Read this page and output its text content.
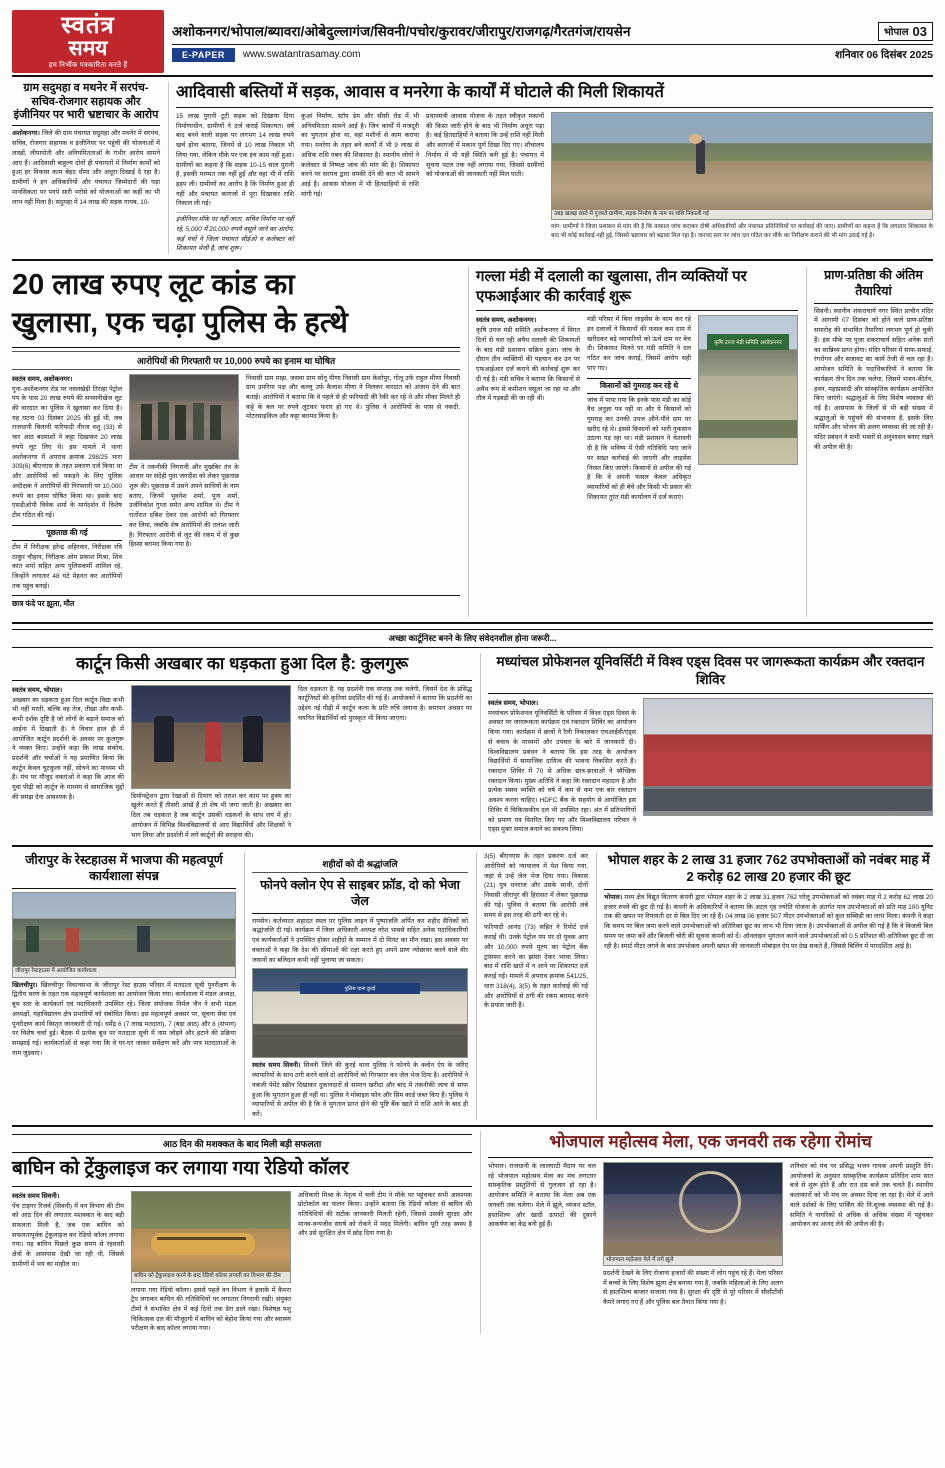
स्वतंत्र
समय
हम निर्भीक पत्रकारिता करते हैं
अशोकनगर/भोपाल/ब्यावरा/ओबेदुल्लागंज/सिवनी/पचोर/कुरावर/जीरापुर/राजगढ़/गैरतगंज/रायसेन	भोपाल 03
E-PAPER	www.swatantrasamay.com	शनिवार 06 दिसंबर 2025
ग्राम सदुमहा व मथनेर में सरपंच-सचिव-रोजगार सहायक और इंजीनियर पर भारी भ्रष्टाचार के आरोप
अशोकनगर। जिले की ग्राम पंचायत सदुमहा और मथनेर में सरपंच, सचिव, रोजगार सहायक व इंजीनियर पर पहुंची की योजनाओं में लाखों, लीपापोती और अनियमितताओं के गंभीर आरोप सामने आए हैं। आदिवासी बाहुल्य दोनों ही पंचायतों में निर्माण कार्यों को हुआ हर विकास काम बेहद धीमा और अधूरा दिखाई दे रहा है। ग्रामीणों ने इन अधिकारियों और पंचायत जिम्मेदारों की घड़ा मानसिकता पर पनपे सारी भरोसे को योजनाओं का कहीं का भी लाभ नहीं मिला है। सदुमहा में 14 लाख की सड़क गायब, 10-
आदिवासी बस्तियों में सड़क, आवास व मनरेगा के कार्यों में घोटाले की मिली शिकायतें
15 लाख पुरानी टूटी सड़क को दिखाया दिया निर्माणाधीन, ग्रामीणों ने दर्ज कराई शिकायत। वर्ष बाद बनने वाली सड़क पर लगभग 14 लाख रुपये खर्च होना बताया, जिनमें से 10 लाख निकाल भी लिया गया, लेकिन मौके पर एक इंच काम नहीं हुआ। ग्रामीणों का कहना है कि सड़क 10-15 साल पुरानी है, इसकी मरम्मत तक नहीं हुई और वहां भी में राशि हड़प ली। ग्रामीणों का आरोप है कि निर्माण हुआ ही नहीं और पंचायत कागजों में पूरा दिखाकर राशि निकाल ली गई।
इंजीनियर मौके पर नहीं जाता, सचिव निर्माण पर वहीं रहे, 5,000 में 20,000 रुपये वसूले जाने का आरोप, कई पंचों ने जिला पंचायत सीईओ व कलेक्टर को शिकायत भेजी है, जांच शुरू।
कुआं निर्माण, स्टॉप डेम और सीसी रोड में भी अनियमितता सामने आई है। जिन कार्यों में मजदूरी का भुगतान होना था, वहां मशीनों से काम कराया गया। मनरेगा के तहत बने कार्यों में भी 9 लाख से अधिक राशि गबन की शिकायत है। स्थानीय लोगों ने कलेक्टर से निष्पक्ष जांच की मांग की है। शिकायत करने पर सरपंच द्वारा धमकी देने की बात भी सामने आई है। आवास योजना में भी हितग्राहियों से राशि मांगी गई।
प्रधानमंत्री आवास योजना के तहत स्वीकृत मकानों की किस्त जारी होने के बाद भी निर्माण अधूरा पड़ा है। कई हितग्राहियों ने बताया कि उन्हें राशि नहीं मिली और कागजों में मकान पूर्ण दिखा दिए गए। शौचालय निर्माण में भी यही स्थिति बनी हुई है। पंचायत में सूचना पटल तक नहीं लगाया गया, जिससे ग्रामीणों को योजनाओं की जानकारी नहीं मिल पाती।
उबड़ खाबड़ रास्ते से गुजरते ग्रामीण, सड़क निर्माण के नाम पर राशि निकाली गई
मांग: ग्रामीणों ने जिला प्रशासन से मांग की है कि तत्काल जांच कराकर दोषी अधिकारियों और पंचायत प्रतिनिधियों पर कार्रवाई की जाए। ग्रामीणों का कहना है कि लगातार शिकायत के बाद भी कोई कार्रवाई नहीं हुई, जिससे भ्रष्टाचार को बढ़ावा मिल रहा है। जनपद स्तर पर जांच दल गठित कर मौके का निरीक्षण कराने की भी मांग उठाई गई है।
20 लाख रुपए लूट कांड का
खुलासा, एक चढ़ा पुलिस के हत्थे
आरोपियों की गिरफ्तारी पर 10,000 रुपये का इनाम था घोषित
स्वतंत्र समय, अशोकनगर।
गुना-अशोकनगर रोड पर नवलखेड़ी तिराहा पेट्रोल पंप के पास 20 लाख रुपये की सनसनीखेज लूट की वारदात का पुलिस ने खुलासा कर दिया है। यह घटना 03 दिसंबर 2025 की हुई थी, जब राजधानी बिलानी फरियादी नीरज वशु (33) से चार आठ बदमाशों ने कट्टा दिखाकर 20 लाख रुपये लूट लिए थे। इस मामले में थाना अशोकनगर में अपराध क्रमांक 298/25 भारा 309(6) बीएनएस के तहत प्रकरण दर्ज किया था और आरोपियों को पकड़ने के लिए पुलिस अधीक्षक ने आरोपियों की गिरफ्तारी पर 10,000 रुपये का इनाम घोषित किया था। इसके बाद एसडीओपी विवेक शर्मा के मार्गदर्शन में विशेष टीम गठित की गई।
पूछताछ की गई
टीम में निरीक्षक हरेन्द्र अहिरवार, निरीक्षक रवि ठाकुर चौहान, निरीक्षक ओम प्रकाश मिश्रा, शिव कांत शर्मा सहित अन्य पुलिसकर्मी शामिल रहे, जिन्होंने लगातार 48 घंटे मेहनत कर आरोपियों तक पहुंच बनाई।
टीम ने तकनीकी निगरानी और मुखबिर तंत्र के आधार पर संदेही युवा जगदीश को लेकर पूछताछ शुरू की। पूछताछ में उसने अपने साथियों के नाम बताए, जिनमें भुवनेश शर्मा, पूना शर्मा, उर्जनिकोश गुप्ता समेत अन्य शामिल थे। टीम ने रातोंरात दबिश देकर एक आरोपी को गिरफ्तार कर लिया, जबकि शेष आरोपियों की तलाश जारी है। गिरफ्तार आरोपी से लूट की रकम में से कुछ हिस्सा बरामद किया गया है।
निवासी ग्राम माझ, जसवा ग्राम सोनू मीणा निवासी ग्राम केशोपुर, गोलू उर्फ राहुल मीणा निवासी ग्राम उमरिया पक्ष और कल्लू उर्फ कैलाश मीणा ने मिलकर वारदात को अंजाम देने की बात बताई। आरोपियों ने बताया कि वे पहले से ही फरियादी की रेकी कर रहे थे और मौका मिलते ही कट्टे के बल पर रुपये लूटकर फरार हो गए थे। पुलिस ने आरोपियों के पास से नकदी, मोटरसाइकिल और कट्टा बरामद किया है।
छात्र फंदे पर झूला, मौत
गल्ला मंडी में दलाली का खुलासा, तीन व्यक्तियों पर एफआईआर की कार्रवाई शुरू
स्वतंत्र समय, अशोकनगर।
कृषि उपज मंडी समिति अशोकनगर में विगत दिनों से चल रही अवैध दलाली की शिकायतों के बाद मंडी प्रशासन सक्रिय हुआ। जांच के दौरान तीन व्यक्तियों की पहचान कर उन पर एफआईआर दर्ज कराने की कार्रवाई शुरू कर दी गई है। मंडी सचिव ने बताया कि किसानों से अवैध रूप से कमीशन वसूला जा रहा था और तौल में गड़बड़ी की जा रही थी।
मंडी परिसर में बिना लाइसेंस के काम कर रहे इन दलालों ने किसानों की फसल कम दाम में खरीदकर बड़े व्यापारियों को ऊंचे दाम पर बेच दी। शिकायत मिलने पर मंडी समिति ने दल गठित कर जांच कराई, जिसमें आरोप सही पाए गए।
किसानों को गुमराह कर रहे थे
जांच में पाया गया कि इनके पास मंडी का कोई वैध अनुज्ञा पत्र नहीं था और ये किसानों को गुमराह कर उनकी उपज औने-पौने दाम पर खरीद रहे थे। इससे किसानों को भारी नुकसान उठाना पड़ रहा था। मंडी प्रशासन ने चेतावनी दी है कि भविष्य में ऐसी गतिविधि पाए जाने पर सख्त कार्रवाई की जाएगी और लाइसेंस निरस्त किए जाएंगे। किसानों से अपील की गई है कि वे अपनी फसल केवल अधिकृत व्यापारियों को ही बेचें और किसी भी प्रकार की शिकायत तुरंत मंडी कार्यालय में दर्ज कराएं।
कृषि उपज मंडी समिति अशोकनगर
प्राण-प्रतिष्ठा की अंतिम तैयारियां
सिवनी। स्थानीय शंकराचार्य नगर स्थित प्राचीन मंदिर में आगामी 07 दिसंबर को होने वाले प्राण-प्रतिष्ठा समारोह की संभावित तैयारियां लगभग पूर्ण हो चुकी हैं। इस मौके पर पूजा शंकराचार्य सहित अनेक संतों का सान्निध्य प्राप्त होगा। मंदिर परिसर में साफ-सफाई, रंगरोगन और सजावट का कार्य तेजी से चल रहा है। आयोजन समिति के पदाधिकारियों ने बताया कि कार्यक्रम तीन दिन तक चलेगा, जिसमें भजन-कीर्तन, हवन, महाप्रसादी और सांस्कृतिक कार्यक्रम आयोजित किए जाएंगे। श्रद्धालुओं के लिए विशेष व्यवस्था की गई है। आसपास के जिलों से भी बड़ी संख्या में श्रद्धालुओं के पहुंचने की संभावना है, इसके लिए पार्किंग और भोजन की अलग व्यवस्था की जा रही है। मंदिर प्रबंधन ने सभी भक्तों से अनुशासन बनाए रखने की अपील की है।
अच्छा कार्टूनिस्ट बनने के लिए संवेदनशील होना जरूरी...
कार्टून किसी अखबार का धड़कता हुआ दिल है: कुलगुरू
स्वतंत्र समय, भोपाल।
अखबार का धड़कता हुआ दिल कार्टून विद्या कभी भी नहीं मरती, बल्कि वह तेज, तीखा और कभी-कभी दर्शक दृष्टि है जो लोगों के बड़ाने समाज को आईना में दिखाती है। ये विचार हाल ही में आयोजित कार्टून प्रदर्शनी के अवसर पर कुलगुरू ने व्यक्त किए। उन्होंने कहा कि लाख संकोच, प्रदर्शनी और चर्चाओं ने यह प्रमाणित किया कि कार्टून केवल चुटकुला नहीं, सोचने का माध्यम भी है। मंच पर मौजूद वक्ताओं ने कहा कि आज की युवा पीढ़ी को कार्टून के माध्यम से सामाजिक मुद्दों की समझ देना आवश्यक है।	डिमॉन्स्ट्रेशन द्वारा रेखाओं से दिमाग को तराश कर काम पर हुक्म का खुलेर करते हैं तीसरी आंखें हैं तो शेष भी जगा जाती है। अखबार का दिल तब धड़कता है जब कार्टून उसकी धड़कनों के साथ लय में हो। आयोजन में विभिन्न विश्वविद्यालयों से आए विद्यार्थियों और शिक्षकों ने भाग लिया और प्रदर्शनी में लगे कार्टूनों की सराहना की।
दिल धड़कता है: यह प्रदर्शनी एक सप्ताह तक चलेगी, जिसमें देश के प्रसिद्ध कार्टूनिस्टों की कृतियां प्रदर्शित की गई हैं। आयोजकों ने बताया कि प्रदर्शनी का उद्देश्य नई पीढ़ी में कार्टून कला के प्रति रुचि जगाना है। समापन अवसर पर चयनित विद्यार्थियों को पुरस्कृत भी किया जाएगा।
मध्यांचल प्रोफेशनल यूनिवर्सिटी में विश्व एड्स दिवस पर जागरूकता कार्यक्रम और रक्तदान शिविर
स्वतंत्र समय, भोपाल।
मध्यांचल प्रोफेशनल यूनिवर्सिटी के परिसर में विश्व एड्स दिवस के अवसर पर जागरूकता कार्यक्रम एवं रक्तदान शिविर का आयोजन किया गया। कार्यक्रम में छात्रों ने रैली निकालकर एचआईवी/एड्स से बचाव के माध्यमों और उपचार के बारे में जानकारी दी। विश्वविद्यालय प्रबंधन ने बताया कि इस तरह के आयोजन विद्यार्थियों में सामाजिक दायित्व की भावना विकसित करते हैं। रक्तदान शिविर में 70 से अधिक छात्र-छात्राओं ने स्वैच्छिक रक्तदान किया। मुख्य अतिथि ने कहा कि रक्तदान महादान है और प्रत्येक स्वस्थ व्यक्ति को वर्ष में कम से कम एक बार रक्तदान अवश्य करना चाहिए। HDFC बैंक के सहयोग से आयोजित इस शिविर में चिकित्सकीय दल भी उपस्थित रहा। अंत में प्रतिभागियों को प्रमाण पत्र वितरित किए गए और विश्वविद्यालय परिवार ने एड्स मुक्त समाज बनाने का संकल्प लिया।
जीरापुर के रेस्टहाउस में भाजपा की महत्वपूर्ण कार्यशाला संपन्न
जीरापुर रेस्टहाउस में आयोजित कार्यशाला
खिलचीपुर। खिलचीपुर विधानसभा के जीरापुर रेस्ट हाउस परिसर में मतदाता सूची पुनरीक्षण के द्वितीय चरण के तहत एक महत्वपूर्ण कार्यशाला का आयोजन किया गया। कार्यशाला में मंडल अध्यक्ष, बूथ स्तर के कार्यकर्ता एवं पदाधिकारी उपस्थित रहे। जिला संयोजक निर्मल जैन ने सभी मंडल अध्यक्षों, महाविद्यालय क्षेत्र प्रभारियों को संबोधित किया। इस महत्वपूर्ण अवसर पर, सूचना सेवा एवं पुनरीक्षण कार्य विस्तृत जानकारी दी गई। धर्मेंद्र 6 (7 लाख मतदाता), 7 (बड़ा आठ) और 8 (संभाग) पर विशेष चर्चा हुई। बैठक में प्रत्येक बूथ पर मतदाता सूची में नाम जोड़ने और हटाने की प्रक्रिया समझाई गई। कार्यकर्ताओं से कहा गया कि वे घर-घर जाकर सर्वेक्षण करें और पात्र मतदाताओं के नाम जुड़वाएं।
शहीदों को दी श्रद्धांजलि
फोनपे क्लोन ऐप से साइबर फ्रॉड, दो को भेजा जेल
रायसेन। कर्तव्यरत शहादत स्थल पर पुलिस लाइन में पुष्पांजलि अर्पित कर शहीद सैनिकों को श्रद्धांजलि दी गई। कार्यक्रम में जिला अधिकारी अध्यक्ष नरेश भावसे सहित अनेक पदाधिकारियों एवं कार्यकर्ताओं ने उपस्थित होकर शहीदों के सम्मान में दो मिनट का मौन रखा। इस अवसर पर वक्ताओं ने कहा कि देश की सीमाओं की रक्षा करते हुए अपने प्राण न्योछावर करने वाले वीर जवानों का बलिदान कभी नहीं भुलाया जा सकता।
पुलिस थाना कुरई
स्वतंत्र समय सिवनी। सिवनी जिले की कुरई थाना पुलिस ने फोनपे के क्लोन ऐप के जरिए व्यापारियों के साथ ठगी करने वाले दो आरोपियों को गिरफ्तार कर जेल भेज दिया है। आरोपियों ने नकली पेमेंट स्क्रीन दिखाकर दुकानदारों से सामान खरीदा और बाद में तकनीकी जांच से साफ हुआ कि भुगतान हुआ ही नहीं था। पुलिस ने मोबाइल फोन और सिम कार्ड जब्त किए हैं। पुलिस ने व्यापारियों से अपील की है कि वे भुगतान प्राप्त होने की पुष्टि बैंक खाते में राशि आने के बाद ही करें।
3(5) बीएनएस के तहत प्रकरण दर्ज कर आरोपियों को न्यायालय में पेश किया गया, जहां से उन्हें जेल भेज दिया गया। विकास (21) पुत्र धनराज और उसके साथी, दोनों निवासी जीरापुर की हिरासत में लेकर पूछताछ की गई। पुलिस ने बताया कि आरोपी लंबे समय से इस तरह की ठगी कर रहे थे।
फरियादी आनंद (73) सहित ने रिपोर्ट दर्ज कराई थी। उनके पेट्रोल पंप पर दो युवक आए और 10,000 रुपये मूल्य का पेट्रोल बैंक ट्रांसफर करने का झांसा देकर भरवा लिया। बाद में राशि खाते में न आने पर शिकायत दर्ज कराई गई। मामले में अपराध क्रमांक 541/25, धारा 318(4), 3(5) के तहत कार्रवाई की गई और आरोपियों से ठगी की रकम बरामद करने के प्रयास जारी हैं।
भोपाल शहर के 2 लाख 31 हजार 762 उपभोक्ताओं को नवंबर माह में 2 करोड़ 62 लाख 20 हजार की छूट
भोपाल। मध्य क्षेत्र विद्युत वितरण कंपनी द्वारा भोपाल शहर के 2 लाख 31 हजार 762 घरेलू उपभोक्ताओं को नवंबर माह में 2 करोड़ 62 लाख 20 हजार रुपये की छूट दी गई है। कंपनी के अधिकारियों ने बताया कि अटल गृह ज्योति योजना के अंतर्गत पात्र उपभोक्ताओं को प्रति माह 100 यूनिट तक की खपत पर रियायती दर से बिल दिए जा रहे हैं। 04 लाख 06 हजार 507 मीटर उपभोक्ताओं को कुल सब्सिडी का लाभ मिला। कंपनी ने कहा कि समय पर बिल जमा करने वाले उपभोक्ताओं को अतिरिक्त छूट का लाभ भी दिया जाता है। उपभोक्ताओं से अपील की गई है कि वे बिजली बिल समय पर जमा करें और बिजली चोरी की सूचना कंपनी को दें। ऑनलाइन भुगतान करने वाले उपभोक्ताओं को 0.5 प्रतिशत की अतिरिक्त छूट दी जा रही है। स्मार्ट मीटर लगने के बाद उपभोक्ता अपनी खपत की जानकारी मोबाइल ऐप पर देख सकते हैं, जिससे बिलिंग में पारदर्शिता आई है।
आठ दिन की मशक्कत के बाद मिली बड़ी सफलता
बाघिन को ट्रेंकुलाइज कर लगाया गया रेडियो कॉलर
स्वतंत्र समय सिवनी।
पेंच टाइगर रिजर्व (सिवनी) में वन विभाग की टीम को आठ दिन की लगातार मशक्कत के बाद बड़ी सफलता मिली है, जब एक बाघिन को सफलतापूर्वक ट्रेंकुलाइज कर रेडियो कॉलर लगाया गया। यह बाघिन पिछले कुछ समय से रहवासी क्षेत्रों के आसपास देखी जा रही थी, जिससे ग्रामीणों में भय का माहौल था।
बाघिन को ट्रेंकुलाइज करने के बाद रेडियो कॉलर लगाती वन विभाग की टीम
लगाया गया रेडियो कॉलर। इससे पहले वन विभाग ने इलाके में कैमरा ट्रैप लगाकर बाघिन की गतिविधियों पर लगातार निगरानी रखी। संयुक्त टीमों ने संभावित क्षेत्र में कई दिनों तक डेरा डाले रखा। विशेषज्ञ पशु चिकित्सक दल की मौजूदगी में बाघिन को बेहोश किया गया और स्वास्थ्य परीक्षण के बाद कॉलर लगाया गया।
अधिकारी मिश्रा के नेतृत्व में चली टीम ने मौके पर पहुंचकर सभी आवश्यक प्रोटोकॉल का पालन किया। उन्होंने बताया कि रेडियो कॉलर से बाघिन की गतिविधियों की सटीक जानकारी मिलती रहेगी, जिससे उसकी सुरक्षा और मानव-वन्यजीव संघर्ष को रोकने में मदद मिलेगी। बाघिन पूरी तरह स्वस्थ है और उसे सुरक्षित क्षेत्र में छोड़ दिया गया है।
भोजपाल महोत्सव मेला, एक जनवरी तक रहेगा रोमांच
भोपाल। राजधानी के लालघाटी मैदान पर चल रहे भोजपाल महोत्सव मेला का मंच लगातार सांस्कृतिक प्रस्तुतियों से गुलजार हो रहा है। आयोजन समिति ने बताया कि मेला अब एक जनवरी तक चलेगा। मेले में झूले, व्यंजन स्टॉल, हस्तशिल्प और खादी उत्पादों की दुकानें आकर्षण का केंद्र बनी हुई हैं।
भोजपाल महोत्सव मेले में लगे झूले
प्रदर्शनी देखने के लिए रोजाना हजारों की संख्या में लोग पहुंच रहे हैं। मेला परिसर में बच्चों के लिए विशेष झूला क्षेत्र बनाया गया है, जबकि महिलाओं के लिए अलग से हस्तशिल्प बाजार सजाया गया है। सुरक्षा की दृष्टि से पूरे परिसर में सीसीटीवी कैमरे लगाए गए हैं और पुलिस बल तैनात किया गया है।
शनिवार को मंच पर प्रसिद्ध भजन गायक अपनी प्रस्तुति देंगे। आयोजकों के अनुसार सांस्कृतिक कार्यक्रम प्रतिदिन शाम सात बजे से शुरू होते हैं और रात दस बजे तक चलते हैं। स्थानीय कलाकारों को भी मंच पर अवसर दिया जा रहा है। मेले में आने वाले दर्शकों के लिए पार्किंग की नि:शुल्क व्यवस्था की गई है। समिति ने नागरिकों से अधिक से अधिक संख्या में पहुंचकर आयोजन का आनंद लेने की अपील की है।
